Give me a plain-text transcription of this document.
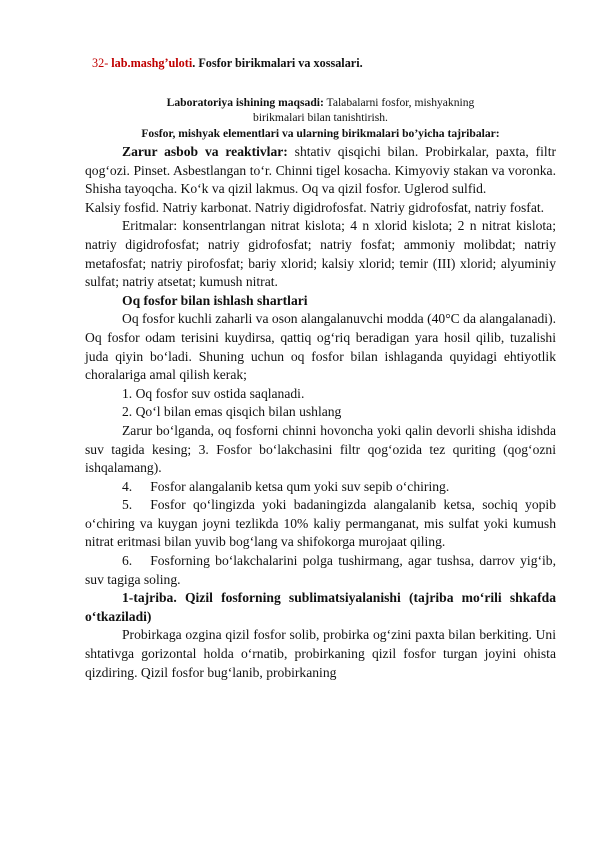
32- lab.mashg’uloti. Fosfor birikmalari va xossalari.
Laboratoriya ishining maqsadi: Talabalarni fosfor, mishyakning
birikmalari bilan tanishtirish.
Fosfor, mishyak elementlari va ularning birikmalari bo’yicha tajribalar:

Zarur asbob va reaktivlar: shtativ qisqichi bilan. Probirkalar, paxta, filtr qog‘ozi. Pinset. Asbestlangan to‘r. Chinni tigel kosacha. Kimyoviy stakan va voronka. Shisha tayoqcha. Ko‘k va qizil lakmus. Oq va qizil fosfor. Uglerod sulfid.

Kalsiy fosfid. Natriy karbonat. Natriy digidrofosfat. Natriy gidrofosfat, natriy fosfat.

Eritmalar: konsentrlangan nitrat kislota; 4 n xlorid kislota; 2 n nitrat kislota; natriy digidrofosfat; natriy gidrofosfat; natriy fosfat; ammoniy molibdat; natriy metafosfat; natriy pirofosfat; bariy xlorid; kalsiy xlorid; temir (III) xlorid; alyuminiy sulfat; natriy atsetat; kumush nitrat.

Oq fosfor bilan ishlash shartlari

Oq fosfor kuchli zaharli va oson alangalanuvchi modda (40°C da alangalanadi). Oq fosfor odam terisini kuydirsa, qattiq og‘riq beradigan yara hosil qilib, tuzalishi juda qiyin bo‘ladi. Shuning uchun oq fosfor bilan ishlaganda quyidagi ehtiyotlik choralariga amal qilish kerak;

1. Oq fosfor suv ostida saqlanadi.

2. Qo‘l bilan emas qisqich bilan ushlang

Zarur bo‘lganda, oq fosforni chinni hovoncha yoki qalin devorli shisha idishda suv tagida kesing; 3. Fosfor bo‘lakchasini filtr qog‘ozida tez quriting (qog‘ozni ishqalamang).

4. Fosfor alangalanib ketsa qum yoki suv sepib o‘chiring.

5. Fosfor qo‘lingizda yoki badaningizda alangalanib ketsa, sochiq yopib o‘chiring va kuygan joyni tezlikda 10% kaliy permanganat, mis sulfat yoki kumush nitrat eritmasi bilan yuvib bog‘lang va shifokorga murojaat qiling.

6. Fosforning bo‘lakchalarini polga tushirmang, agar tushsa, darrov yig‘ib, suv tagiga soling.

1-tajriba. Qizil fosforning sublimatsiyalanishi (tajriba mo‘rili shkafda o‘tkaziladi)

Probirkaga ozgina qizil fosfor solib, probirka og‘zini paxta bilan berkiting. Uni shtativga gorizontal holda o‘rnatib, probirkaning qizil fosfor turgan joyini ohista qizdiring. Qizil fosfor bug‘lanib, probirkaning
